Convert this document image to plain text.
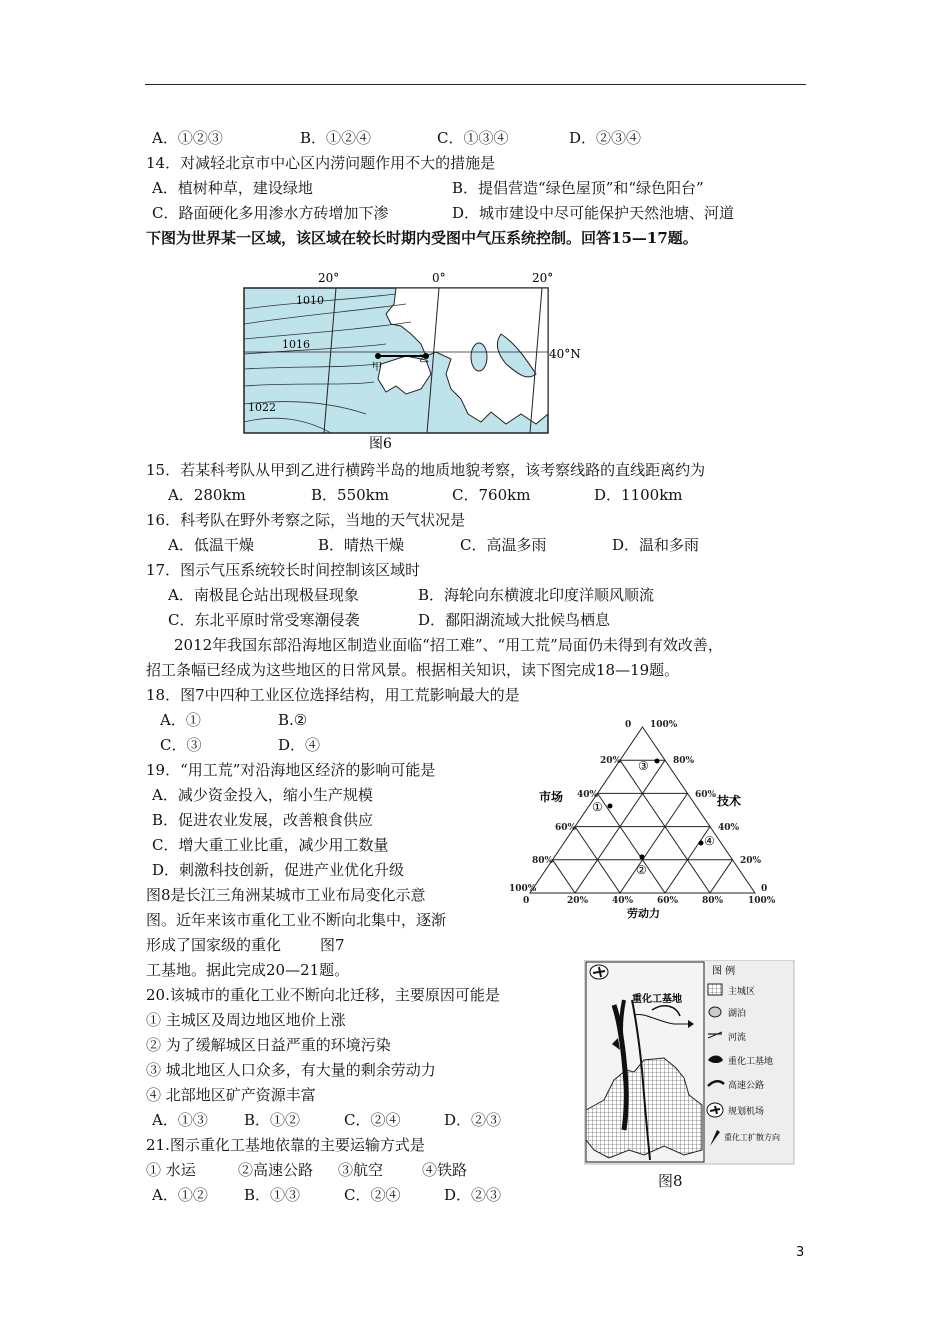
A．①②③	B．①②④	C．①③④	D．②③④
14．对减轻北京市中心区内涝问题作用不大的措施是
A．植树种草，建设绿地	B．提倡营造“绿色屋顶”和“绿色阳台”
C．路面硬化多用渗水方砖增加下渗	D．城市建设中尽可能保护天然池塘、河道
下图为世界某一区域，该区域在较长时期内受图中气压系统控制。回答15—17题。
20°	0°	20°
40°N
1010
1016
1022
甲
乙
图6
15．若某科考队从甲到乙进行横跨半岛的地质地貌考察，该考察线路的直线距离约为
A．280km	B．550km	C．760km	D．1100km
16．科考队在野外考察之际，当地的天气状况是
A．低温干燥	B．晴热干燥	C．高温多雨	D．温和多雨
17．图示气压系统较长时间控制该区域时
A．南极昆仑站出现极昼现象	B．海轮向东横渡北印度洋顺风顺流
C．东北平原时常受寒潮侵袭	D．鄱阳湖流域大批候鸟栖息
2012年我国东部沿海地区制造业面临“招工难”、“用工荒”局面仍未得到有效改善，
招工条幅已经成为这些地区的日常风景。根据相关知识，读下图完成18—19题。
18．图7中四种工业区位选择结构，用工荒影响最大的是
A．①	B.②
C．③	D．④
19．“用工荒”对沿海地区经济的影响可能是
A．减少资金投入，缩小生产规模
B．促进农业发展，改善粮食供应
C．增大重工业比重，减少用工数量
D．刺激科技创新，促进产业优化升级
图8是长江三角洲某城市工业布局变化示意
图。近年来该市重化工业不断向北集中，逐渐
形成了国家级的重化	图7
工基地。据此完成20—21题。
0	20%	40%	60%	80%	100%
0 100%
80%
60%
40%
20%
0
100%
80%
60%
40%
20%
市场	技术
劳动力
①
②
③
④
20.该城市的重化工业不断向北迁移，主要原因可能是
① 主城区及周边地区地价上涨
② 为了缓解城区日益严重的环境污染
③ 城北地区人口众多，有大量的剩余劳动力
④ 北部地区矿产资源丰富
A．①③ B．①②	C．②④	D．②③
21.图示重化工基地依靠的主要运输方式是
① 水运	②高速公路 ③航空	④铁路
A．①② B．①③	C．②④	D．②③
重化工基地
图 例
主城区
湖泊
河流
重化工基地
高速公路
规划机场
重化工扩散方向
图8
3
